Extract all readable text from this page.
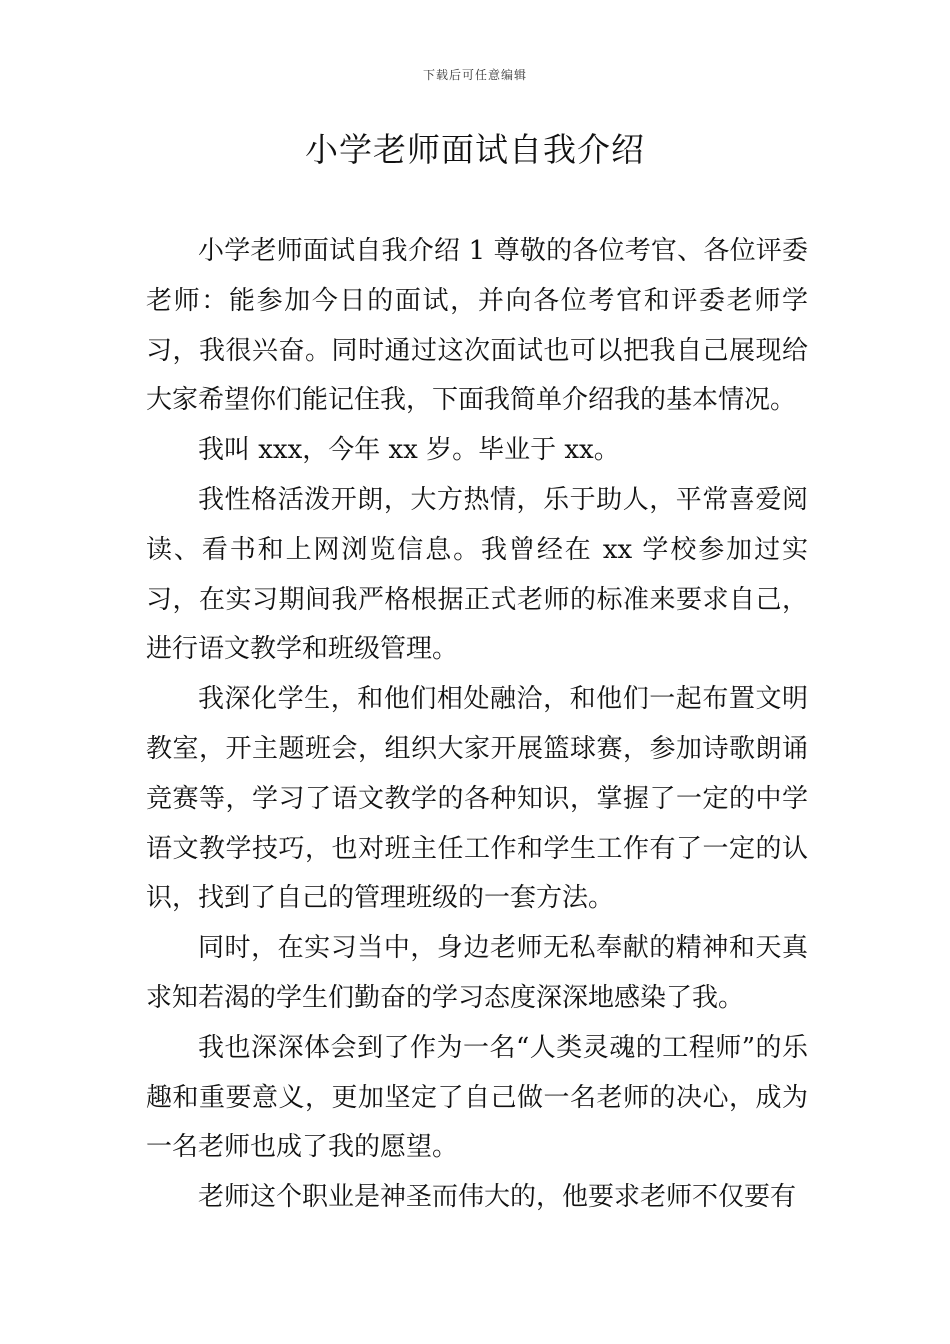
下载后可任意编辑
小学老师面试自我介绍

小学老师面试自我介绍 1 尊敬的各位考官、各位评委老师：能参加今日的面试，并向各位考官和评委老师学习，我很兴奋。同时通过这次面试也可以把我自己展现给大家希望你们能记住我，下面我简单介绍我的基本情况。

我叫 xxx，今年 xx 岁。毕业于 xx。

我性格活泼开朗，大方热情，乐于助人，平常喜爱阅读、看书和上网浏览信息。我曾经在 xx 学校参加过实习，在实习期间我严格根据正式老师的标准来要求自己，进行语文教学和班级管理。

我深化学生，和他们相处融洽，和他们一起布置文明教室，开主题班会，组织大家开展篮球赛，参加诗歌朗诵竞赛等，学习了语文教学的各种知识，掌握了一定的中学语文教学技巧，也对班主任工作和学生工作有了一定的认识，找到了自己的管理班级的一套方法。

同时，在实习当中，身边老师无私奉献的精神和天真求知若渴的学生们勤奋的学习态度深深地感染了我。

我也深深体会到了作为一名“人类灵魂的工程师”的乐趣和重要意义，更加坚定了自己做一名老师的决心，成为一名老师也成了我的愿望。

老师这个职业是神圣而伟大的，他要求老师不仅要有
